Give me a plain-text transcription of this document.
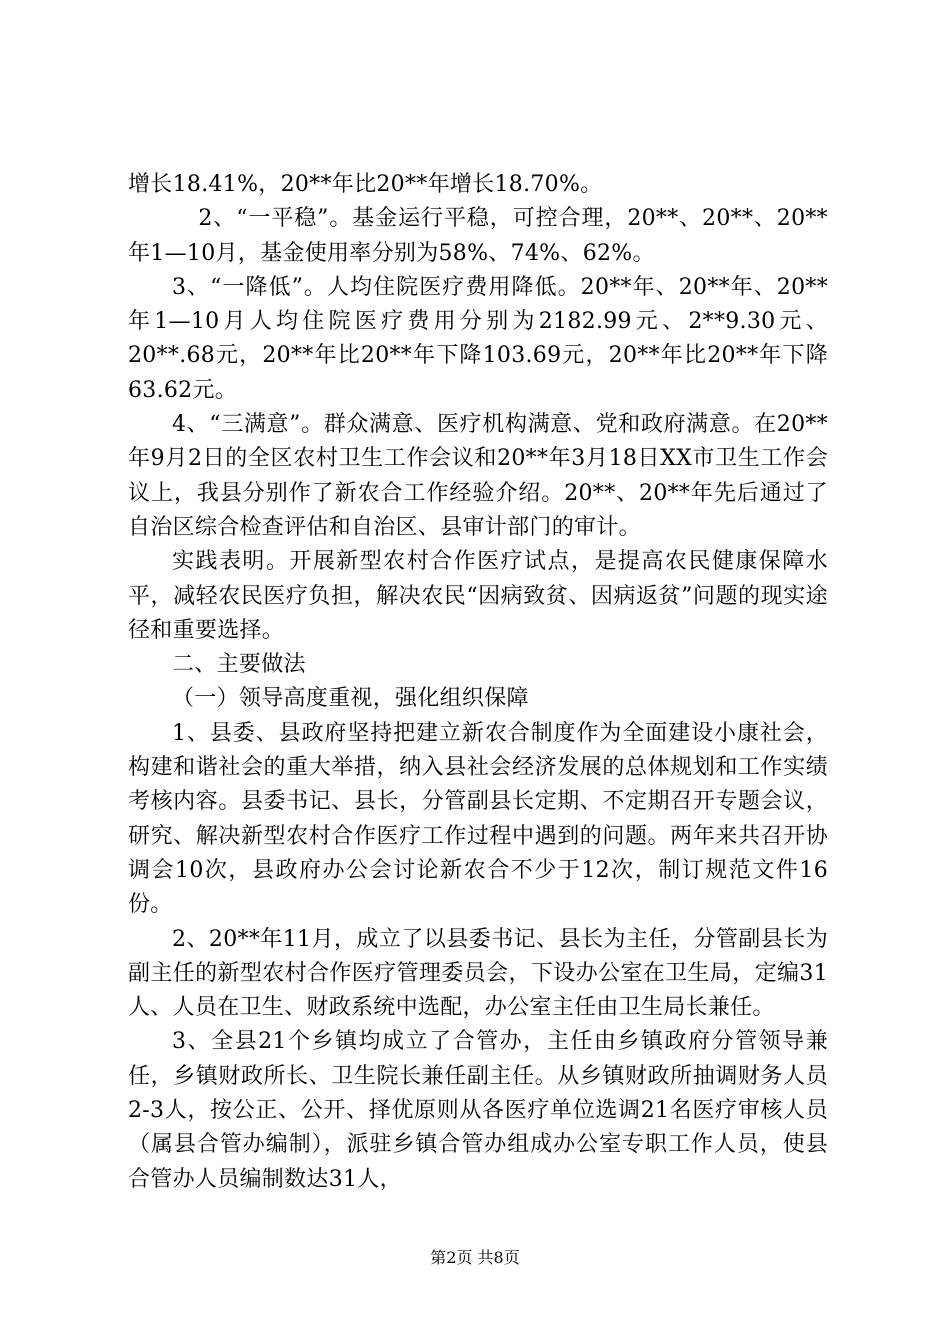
增长18.41%，20**年比20**年增长18.70%。

2、“一平稳”。基金运行平稳，可控合理，20**、20**、20**年1—10月，基金使用率分别为58%、74%、62%。

3、“一降低”。人均住院医疗费用降低。20**年、20**年、20**年1—10月人均住院医疗费用分别为2182.99元、2**9.30元、20**.68元，20**年比20**年下降103.69元，20**年比20**年下降63.62元。

4、“三满意”。群众满意、医疗机构满意、党和政府满意。在20**年9月2日的全区农村卫生工作会议和20**年3月18日XX市卫生工作会议上，我县分别作了新农合工作经验介绍。20**、20**年先后通过了自治区综合检查评估和自治区、县审计部门的审计。

实践表明。开展新型农村合作医疗试点，是提高农民健康保障水平，减轻农民医疗负担，解决农民“因病致贫、因病返贫”问题的现实途径和重要选择。

二、主要做法

（一）领导高度重视，强化组织保障

1、县委、县政府坚持把建立新农合制度作为全面建设小康社会，构建和谐社会的重大举措，纳入县社会经济发展的总体规划和工作实绩考核内容。县委书记、县长，分管副县长定期、不定期召开专题会议，研究、解决新型农村合作医疗工作过程中遇到的问题。两年来共召开协调会10次，县政府办公会讨论新农合不少于12次，制订规范文件16份。

2、20**年11月，成立了以县委书记、县长为主任，分管副县长为副主任的新型农村合作医疗管理委员会，下设办公室在卫生局，定编31人、人员在卫生、财政系统中选配，办公室主任由卫生局长兼任。

3、全县21个乡镇均成立了合管办，主任由乡镇政府分管领导兼任，乡镇财政所长、卫生院长兼任副主任。从乡镇财政所抽调财务人员2-3人，按公正、公开、择优原则从各医疗单位选调21名医疗审核人员（属县合管办编制），派驻乡镇合管办组成办公室专职工作人员，使县合管办人员编制数达31人，

第2页 共8页
